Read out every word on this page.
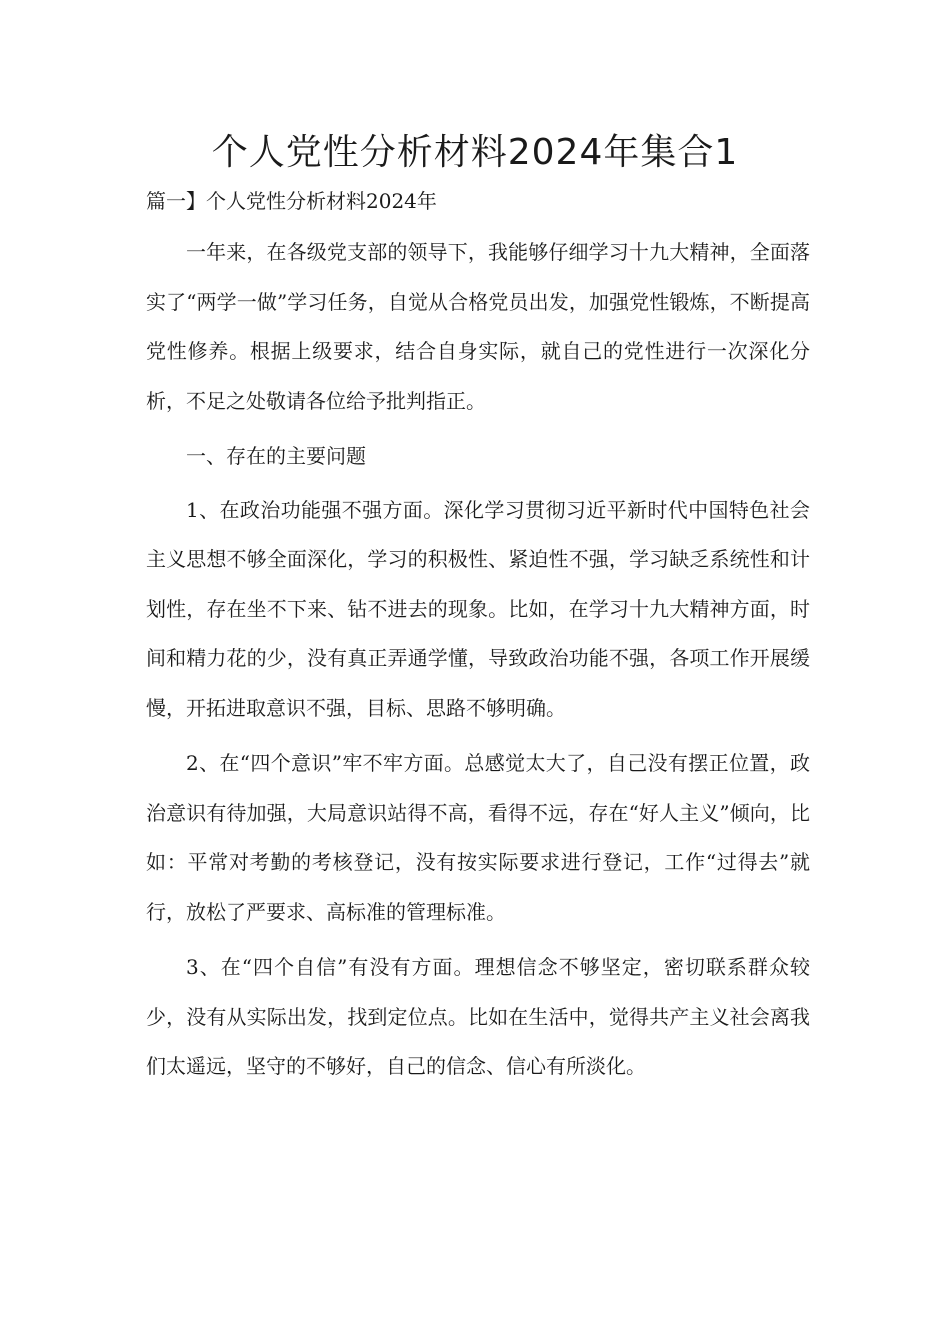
个人党性分析材料2024年集合1
篇一】个人党性分析材料2024年

一年来，在各级党支部的领导下，我能够仔细学习十九大精神，全面落实了“两学一做”学习任务，自觉从合格党员出发，加强党性锻炼，不断提高党性修养。根据上级要求，结合自身实际，就自己的党性进行一次深化分析，不足之处敬请各位给予批判指正。

一、存在的主要问题

1、在政治功能强不强方面。深化学习贯彻习近平新时代中国特色社会主义思想不够全面深化，学习的积极性、紧迫性不强，学习缺乏系统性和计划性，存在坐不下来、钻不进去的现象。比如，在学习十九大精神方面，时间和精力花的少，没有真正弄通学懂，导致政治功能不强，各项工作开展缓慢，开拓进取意识不强，目标、思路不够明确。

2、在“四个意识”牢不牢方面。总感觉太大了，自己没有摆正位置，政治意识有待加强，大局意识站得不高，看得不远，存在“好人主义”倾向，比如：平常对考勤的考核登记，没有按实际要求进行登记，工作“过得去”就行，放松了严要求、高标准的管理标准。

3、在“四个自信”有没有方面。理想信念不够坚定，密切联系群众较少，没有从实际出发，找到定位点。比如在生活中，觉得共产主义社会离我们太遥远，坚守的不够好，自己的信念、信心有所淡化。
